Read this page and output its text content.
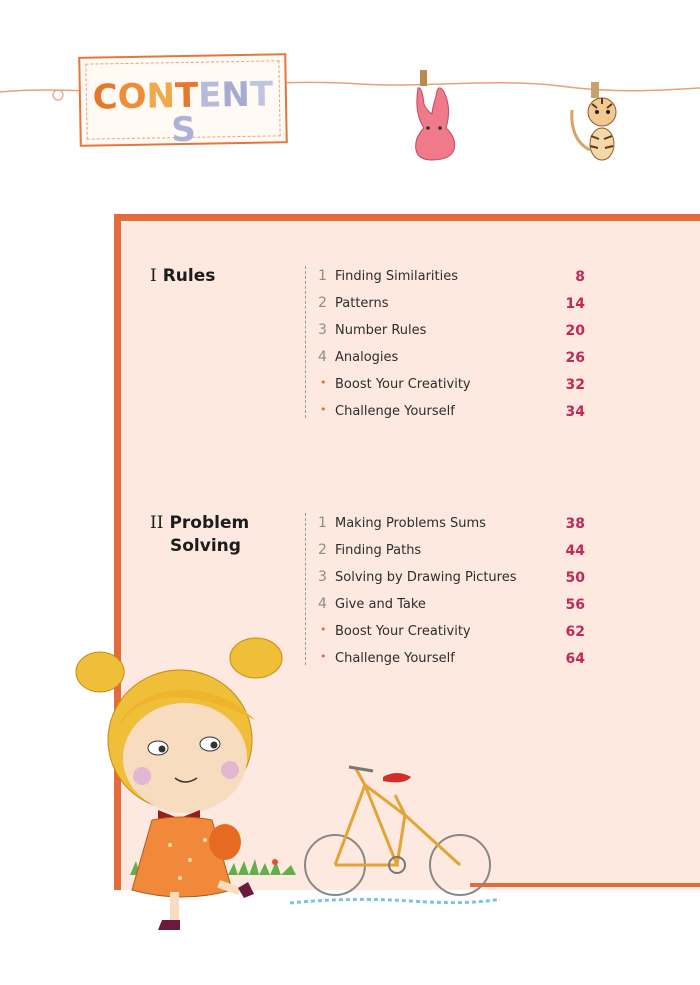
CONTENTS
I Rules	1 Finding Similarities	8
2 Patterns	14
3 Number Rules	20
4 Analogies	26
• Boost Your Creativity	32
• Challenge Yourself	34
II Problem
Solving
1 Making Problems Sums	38
2 Finding Paths	44
3 Solving by Drawing Pictures	50
4 Give and Take	56
• Boost Your Creativity	62
• Challenge Yourself	64
